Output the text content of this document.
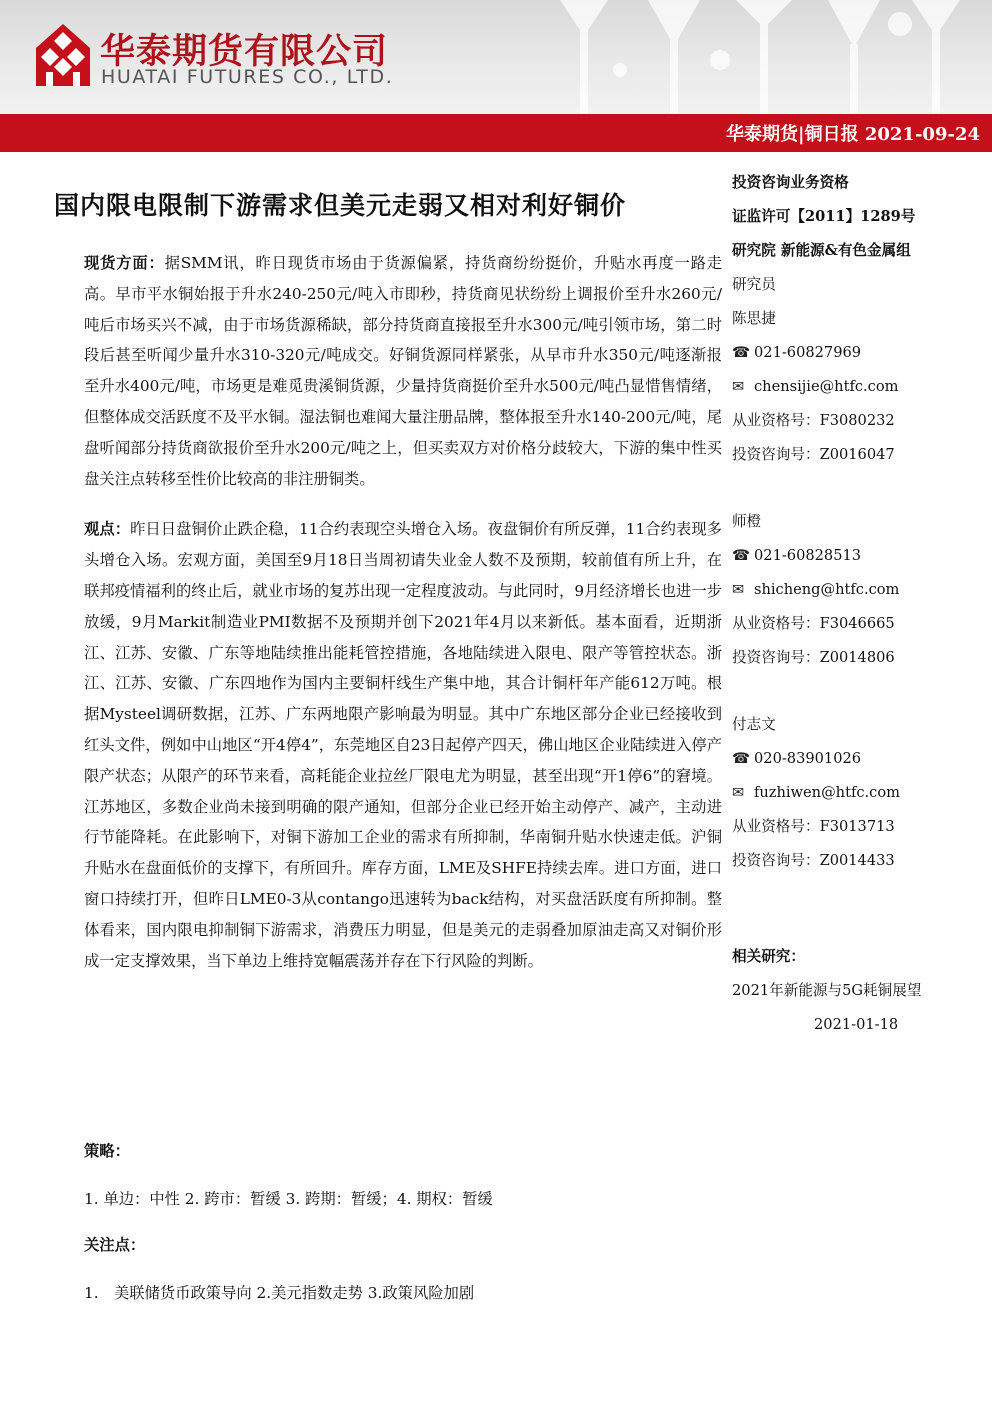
华泰期货有限公司
HUATAI FUTURES CO., LTD.
华泰期货|铜日报 2021-09-24
国内限电限制下游需求但美元走弱又相对利好铜价

现货方面：据SMM讯，昨日现货市场由于货源偏紧，持货商纷纷挺价，升贴水再度一路走高。早市平水铜始报于升水240-250元/吨入市即秒，持货商见状纷纷上调报价至升水260元/吨后市场买兴不减，由于市场货源稀缺，部分持货商直接报至升水300元/吨引领市场，第二时段后甚至听闻少量升水310-320元/吨成交。好铜货源同样紧张，从早市升水350元/吨逐渐报至升水400元/吨，市场更是难觅贵溪铜货源，少量持货商挺价至升水500元/吨凸显惜售情绪，但整体成交活跃度不及平水铜。湿法铜也难闻大量注册品牌，整体报至升水140-200元/吨，尾盘听闻部分持货商欲报价至升水200元/吨之上，但买卖双方对价格分歧较大，下游的集中性买盘关注点转移至性价比较高的非注册铜类。

观点：昨日日盘铜价止跌企稳，11合约表现空头增仓入场。夜盘铜价有所反弹，11合约表现多头增仓入场。宏观方面，美国至9月18日当周初请失业金人数不及预期，较前值有所上升，在联邦疫情福利的终止后，就业市场的复苏出现一定程度波动。与此同时，9月经济增长也进一步放缓，9月Markit制造业PMI数据不及预期并创下2021年4月以来新低。基本面看，近期浙江、江苏、安徽、广东等地陆续推出能耗管控措施，各地陆续进入限电、限产等管控状态。浙江、江苏、安徽、广东四地作为国内主要铜杆线生产集中地，其合计铜杆年产能612万吨。根据Mysteel调研数据，江苏、广东两地限产影响最为明显。其中广东地区部分企业已经接收到红头文件，例如中山地区“开4停4”，东莞地区自23日起停产四天，佛山地区企业陆续进入停产限产状态；从限产的环节来看，高耗能企业拉丝厂限电尤为明显，甚至出现“开1停6”的窘境。江苏地区，多数企业尚未接到明确的限产通知，但部分企业已经开始主动停产、减产，主动进行节能降耗。在此影响下，对铜下游加工企业的需求有所抑制，华南铜升贴水快速走低。沪铜升贴水在盘面低价的支撑下，有所回升。库存方面，LME及SHFE持续去库。进口方面，进口窗口持续打开，但昨日LME0-3从contango迅速转为back结构，对买盘活跃度有所抑制。整体看来，国内限电抑制铜下游需求，消费压力明显，但是美元的走弱叠加原油走高又对铜价形成一定支撑效果，当下单边上维持宽幅震荡并存在下行风险的判断。

投资咨询业务资格
证监许可【2011】1289号
研究院 新能源&有色金属组
研究员
陈思捷
☎ 021-60827969
✉ chensijie@htfc.com
从业资格号：F3080232
投资咨询号：Z0016047
师橙
☎ 021-60828513
✉ shicheng@htfc.com
从业资格号：F3046665
投资咨询号：Z0014806
付志文
☎ 020-83901026
✉ fuzhiwen@htfc.com
从业资格号：F3013713
投资咨询号：Z0014433
相关研究：
2021年新能源与5G耗铜展望
2021-01-18
策略：
1. 单边：中性 2. 跨市：暂缓 3. 跨期：暂缓；4. 期权：暂缓
关注点：
1. 美联储货币政策导向 2.美元指数走势 3.政策风险加剧
